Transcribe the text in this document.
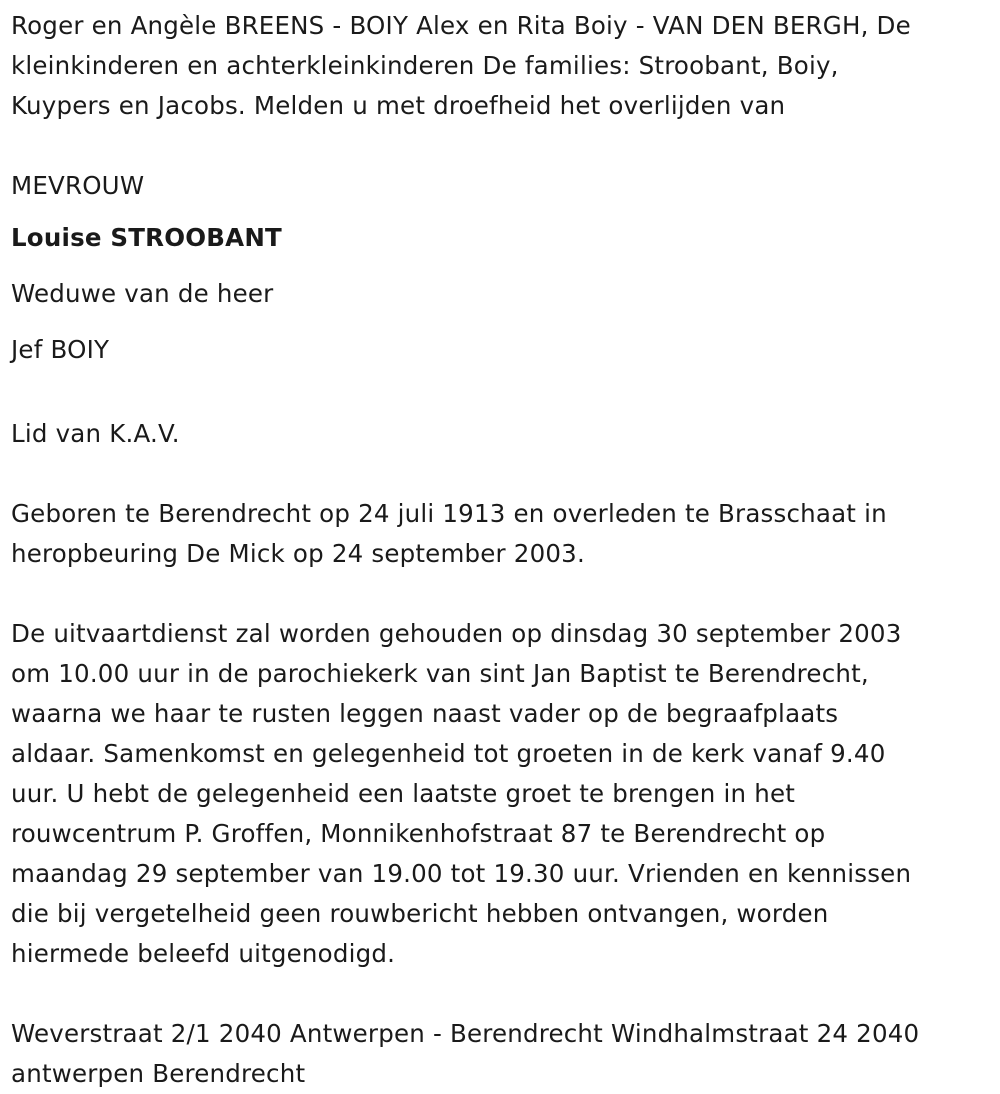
Roger en Angèle BREENS - BOIY Alex en Rita Boiy - VAN DEN BERGH, De
kleinkinderen en achterkleinkinderen De families: Stroobant, Boiy,
Kuypers en Jacobs. Melden u met droefheid het overlijden van

MEVROUW
Louise STROOBANT
Weduwe van de heer
Jef BOIY

Lid van K.A.V.

Geboren te Berendrecht op 24 juli 1913 en overleden te Brasschaat in
heropbeuring De Mick op 24 september 2003.

De uitvaartdienst zal worden gehouden op dinsdag 30 september 2003
om 10.00 uur in de parochiekerk van sint Jan Baptist te Berendrecht,
waarna we haar te rusten leggen naast vader op de begraafplaats
aldaar. Samenkomst en gelegenheid tot groeten in de kerk vanaf 9.40
uur. U hebt de gelegenheid een laatste groet te brengen in het
rouwcentrum P. Groffen, Monnikenhofstraat 87 te Berendrecht op
maandag 29 september van 19.00 tot 19.30 uur. Vrienden en kennissen
die bij vergetelheid geen rouwbericht hebben ontvangen, worden
hiermede beleefd uitgenodigd.

Weverstraat 2/1 2040 Antwerpen - Berendrecht Windhalmstraat 24 2040
antwerpen Berendrecht
